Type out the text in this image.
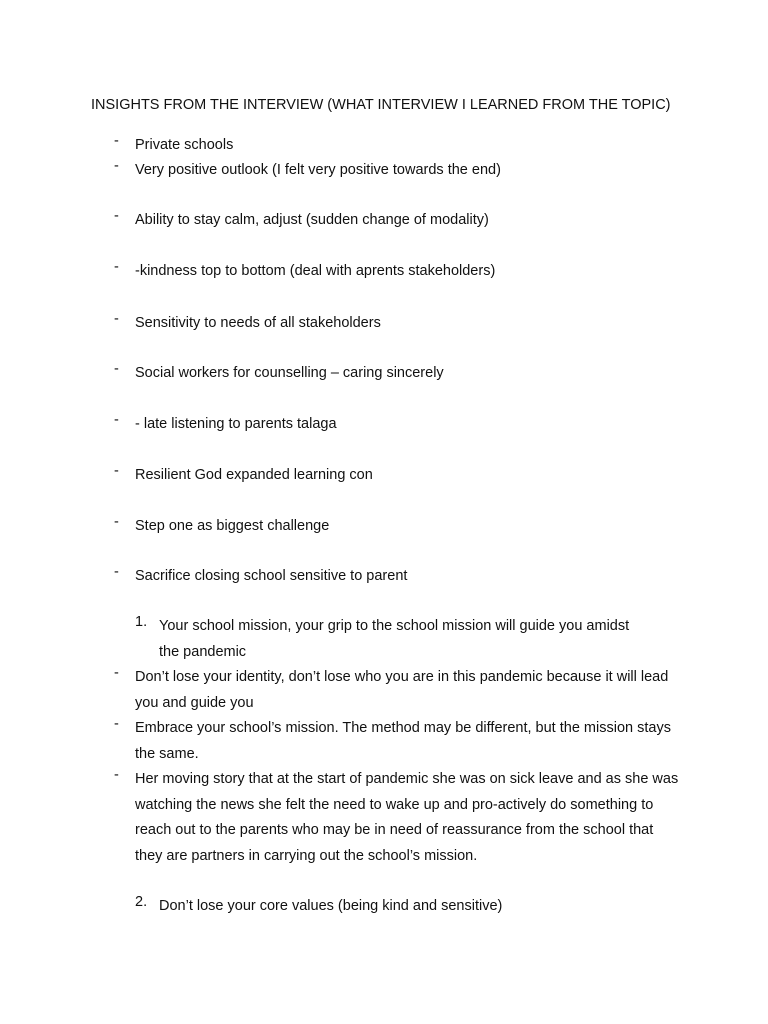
INSIGHTS FROM THE INTERVIEW (WHAT INTERVIEW I LEARNED FROM THE TOPIC)
- Private schools
- Very positive outlook (I felt very positive towards the end)
- Ability to stay calm, adjust (sudden change of modality)
- -kindness top to bottom (deal with aprents stakeholders)
- Sensitivity to needs of all stakeholders
- Social workers for counselling – caring sincerely
- - late listening to parents talaga
- Resilient God expanded learning con
- Step one as biggest challenge
- Sacrifice closing school sensitive to parent
1. Your school mission, your grip to the school mission will guide you amidst the pandemic
- Don’t lose your identity, don’t lose who you are in this pandemic because it will lead you and guide you
- Embrace your school’s mission. The method may be different, but the mission stays the same.
- Her moving story that at the start of pandemic she was on sick leave and as she was watching the news she felt the need to wake up and pro-actively do something to reach out to the parents who may be in need of reassurance from the school that they are partners in carrying out the school’s mission.
2. Don’t lose your core values (being kind and sensitive)
